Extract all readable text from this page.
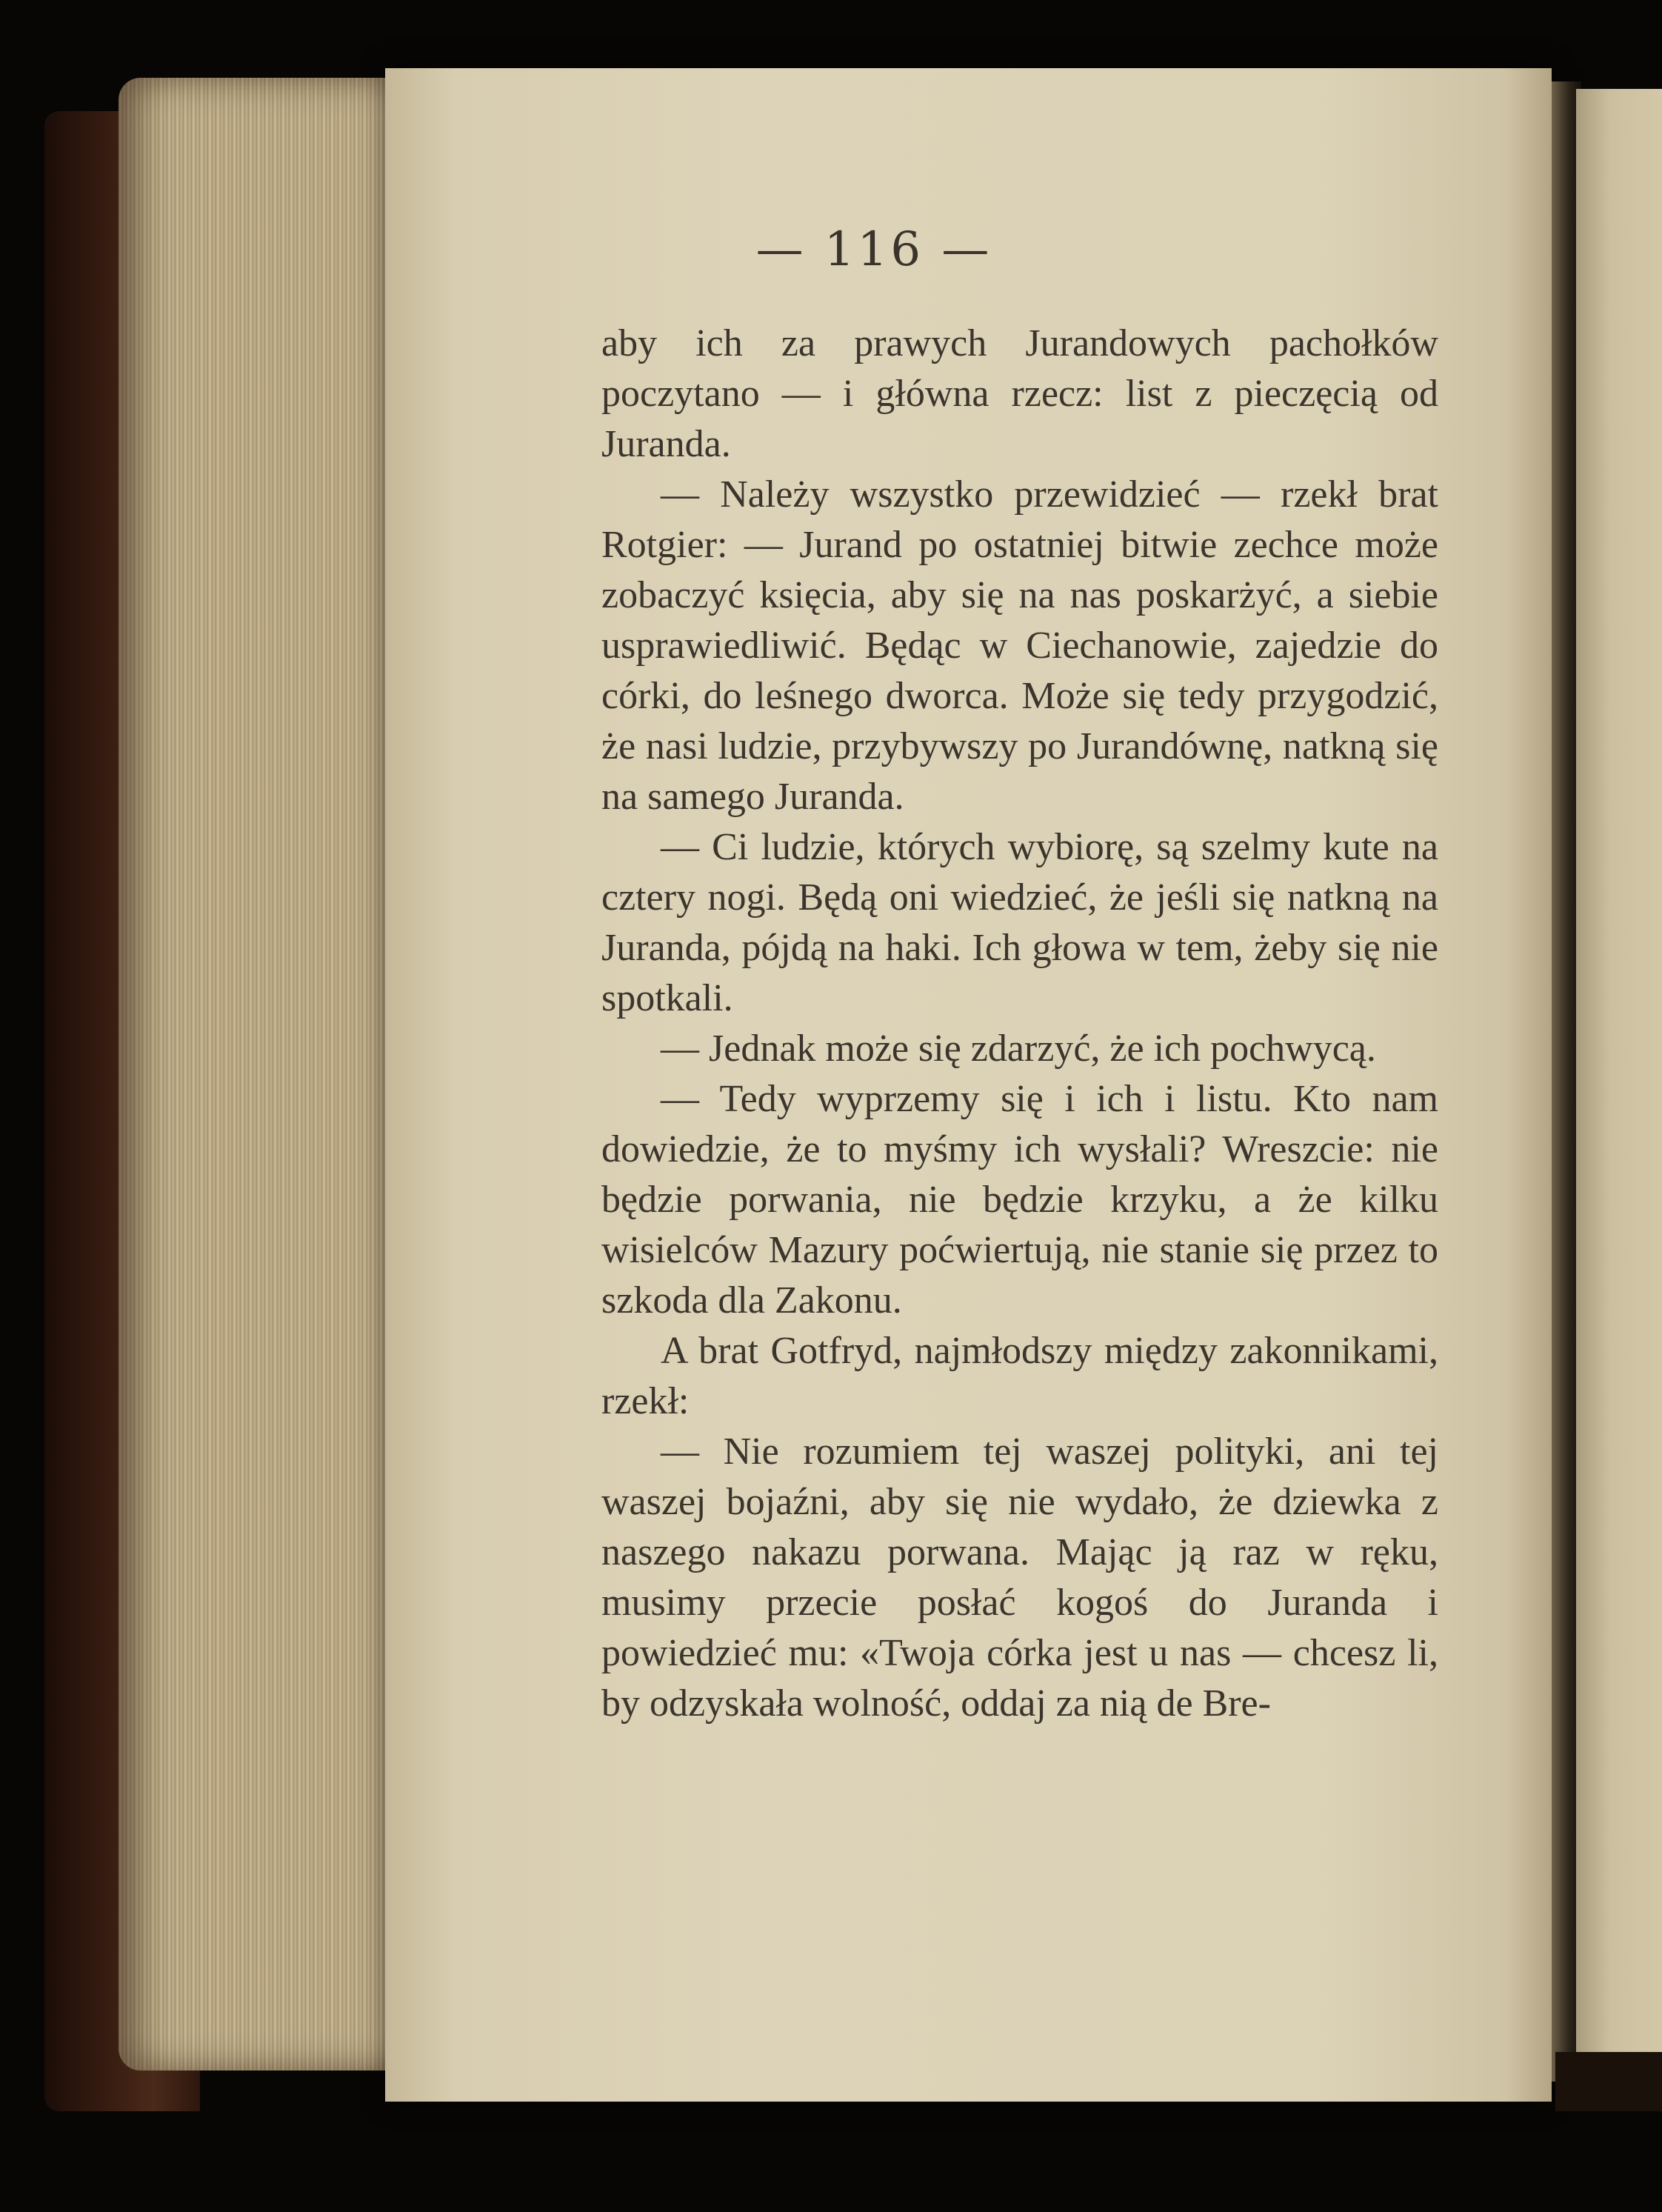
— 116 —

aby ich za prawych Jurandowych pachołków poczytano — i główna rzecz: list z pieczęcią od Juranda.

— Należy wszystko przewidzieć — rzekł brat Rotgier: — Jurand po ostatniej bitwie zechce może zobaczyć księcia, aby się na nas poskarżyć, a siebie usprawiedliwić. Będąc w Ciechanowie, zajedzie do córki, do leśnego dworca. Może się tedy przygodzić, że nasi ludzie, przybywszy po Jurandównę, natkną się na samego Juranda.

— Ci ludzie, których wybiorę, są szelmy kute na cztery nogi. Będą oni wiedzieć, że jeśli się natkną na Juranda, pójdą na haki. Ich głowa w tem, żeby się nie spotkali.

— Jednak może się zdarzyć, że ich pochwycą.

— Tedy wyprzemy się i ich i listu. Kto nam dowiedzie, że to myśmy ich wysłali? Wreszcie: nie będzie porwania, nie będzie krzyku, a że kilku wisielców Mazury poćwiertują, nie stanie się przez to szkoda dla Zakonu.

A brat Gotfryd, najmłodszy między zakonnikami, rzekł:

— Nie rozumiem tej waszej polityki, ani tej waszej bojaźni, aby się nie wydało, że dziewka z naszego nakazu porwana. Mając ją raz w ręku, musimy przecie posłać kogoś do Juranda i powiedzieć mu: «Twoja córka jest u nas — chcesz li, by odzyskała wolność, oddaj za nią de Bre-
